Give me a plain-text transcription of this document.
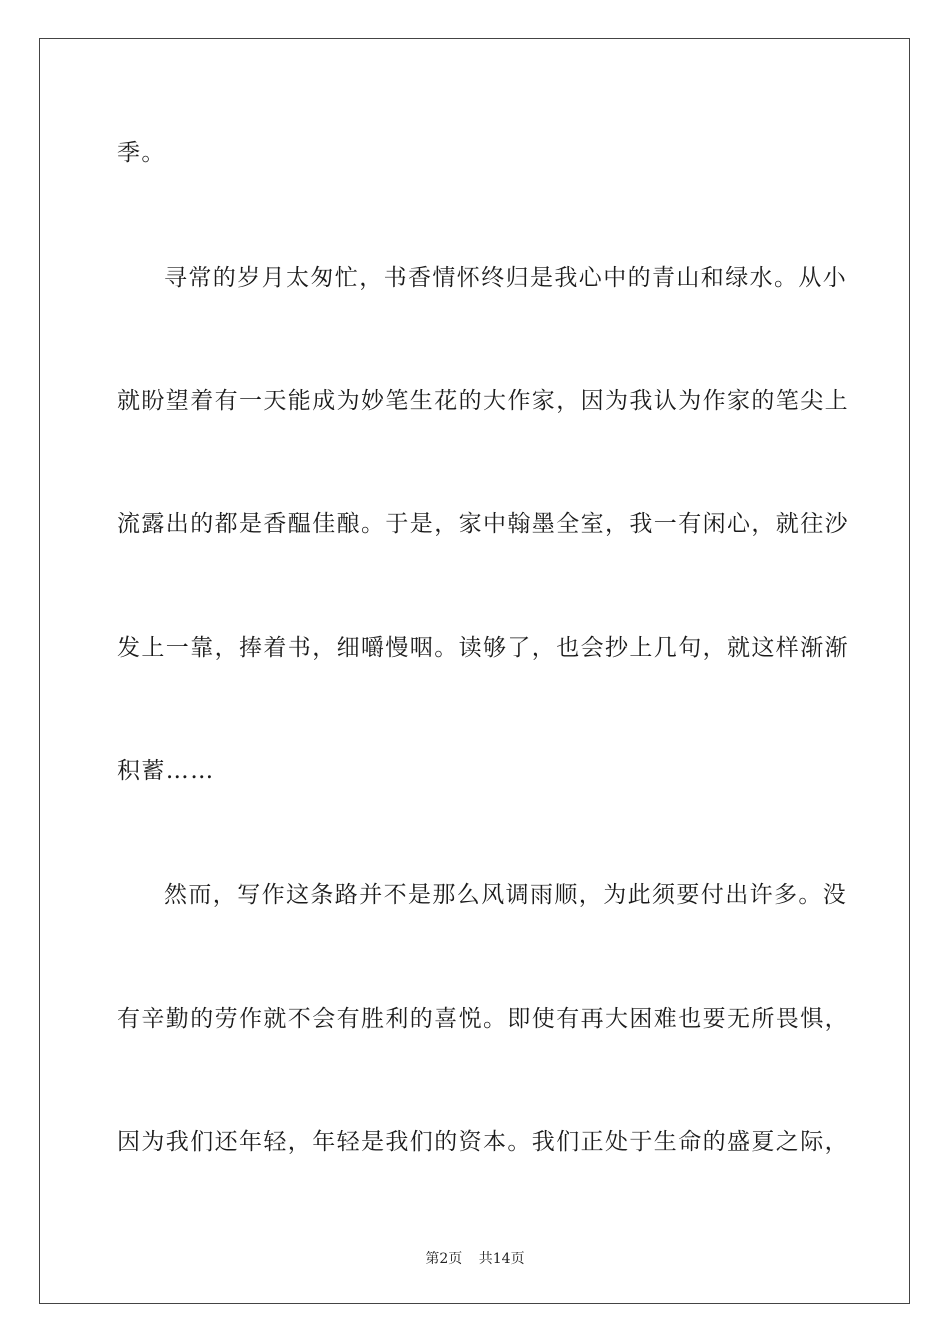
季。
寻常的岁月太匆忙，书香情怀终归是我心中的青山和绿水。从小
就盼望着有一天能成为妙笔生花的大作家，因为我认为作家的笔尖上
流露出的都是香醖佳酿。于是，家中翰墨全室，我一有闲心，就往沙
发上一靠，捧着书，细嚼慢咽。读够了，也会抄上几句，就这样渐渐
积蓄……
然而，写作这条路并不是那么风调雨顺，为此须要付出许多。没
有辛勤的劳作就不会有胜利的喜悦。即使有再大困难也要无所畏惧，
因为我们还年轻，年轻是我们的资本。我们正处于生命的盛夏之际，
第2页 共14页
